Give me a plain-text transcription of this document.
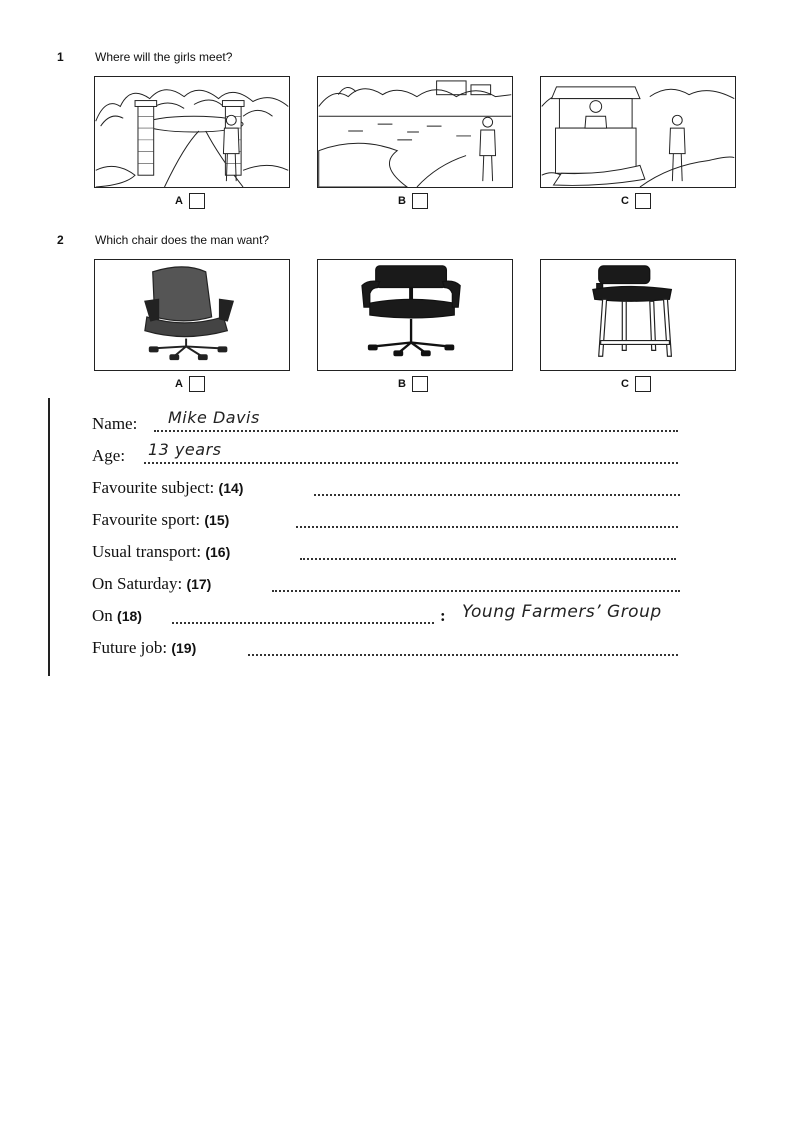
1	Where will the girls meet?
A	B	C
2	Which chair does the man want?
A	B	C
Name: Mike Davis
Age: 13 years
Favourite subject: (14)
Favourite sport: (15)
Usual transport: (16)
On Saturday: (17)
On (18)	: Young Farmers’ Group
Future job: (19)
